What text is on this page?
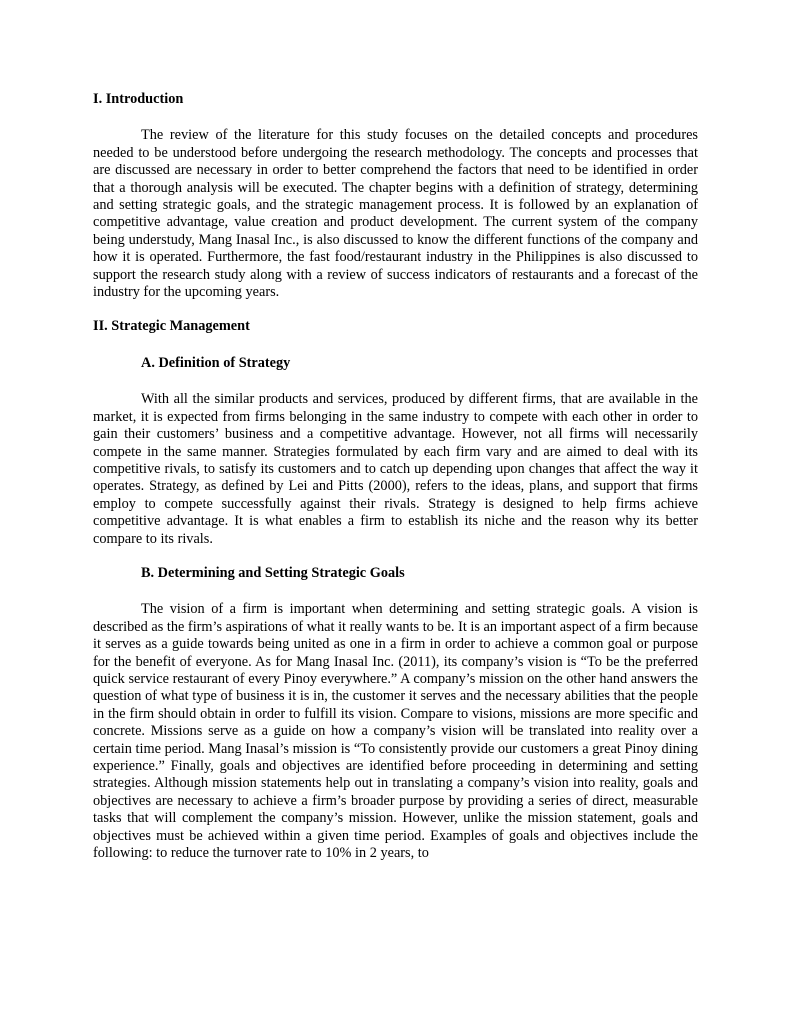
I. Introduction

The review of the literature for this study focuses on the detailed concepts and procedures needed to be understood before undergoing the research methodology. The concepts and processes that are discussed are necessary in order to better comprehend the factors that need to be identified in order that a thorough analysis will be executed. The chapter begins with a definition of strategy, determining and setting strategic goals, and the strategic management process. It is followed by an explanation of competitive advantage, value creation and product development. The current system of the company being understudy, Mang Inasal Inc., is also discussed to know the different functions of the company and how it is operated. Furthermore, the fast food/restaurant industry in the Philippines is also discussed to support the research study along with a review of success indicators of restaurants and a forecast of the industry for the upcoming years.

II. Strategic Management
A. Definition of Strategy

With all the similar products and services, produced by different firms, that are available in the market, it is expected from firms belonging in the same industry to compete with each other in order to gain their customers’ business and a competitive advantage. However, not all firms will necessarily compete in the same manner. Strategies formulated by each firm vary and are aimed to deal with its competitive rivals, to satisfy its customers and to catch up depending upon changes that affect the way it operates. Strategy, as defined by Lei and Pitts (2000), refers to the ideas, plans, and support that firms employ to compete successfully against their rivals. Strategy is designed to help firms achieve competitive advantage. It is what enables a firm to establish its niche and the reason why its better compare to its rivals.

B. Determining and Setting Strategic Goals

The vision of a firm is important when determining and setting strategic goals. A vision is described as the firm’s aspirations of what it really wants to be. It is an important aspect of a firm because it serves as a guide towards being united as one in a firm in order to achieve a common goal or purpose for the benefit of everyone. As for Mang Inasal Inc. (2011), its company’s vision is “To be the preferred quick service restaurant of every Pinoy everywhere.” A company’s mission on the other hand answers the question of what type of business it is in, the customer it serves and the necessary abilities that the people in the firm should obtain in order to fulfill its vision. Compare to visions, missions are more specific and concrete. Missions serve as a guide on how a company’s vision will be translated into reality over a certain time period. Mang Inasal’s mission is “To consistently provide our customers a great Pinoy dining experience.” Finally, goals and objectives are identified before proceeding in determining and setting strategies. Although mission statements help out in translating a company’s vision into reality, goals and objectives are necessary to achieve a firm’s broader purpose by providing a series of direct, measurable tasks that will complement the company’s mission. However, unlike the mission statement, goals and objectives must be achieved within a given time period. Examples of goals and objectives include the following: to reduce the turnover rate to 10% in 2 years, to
